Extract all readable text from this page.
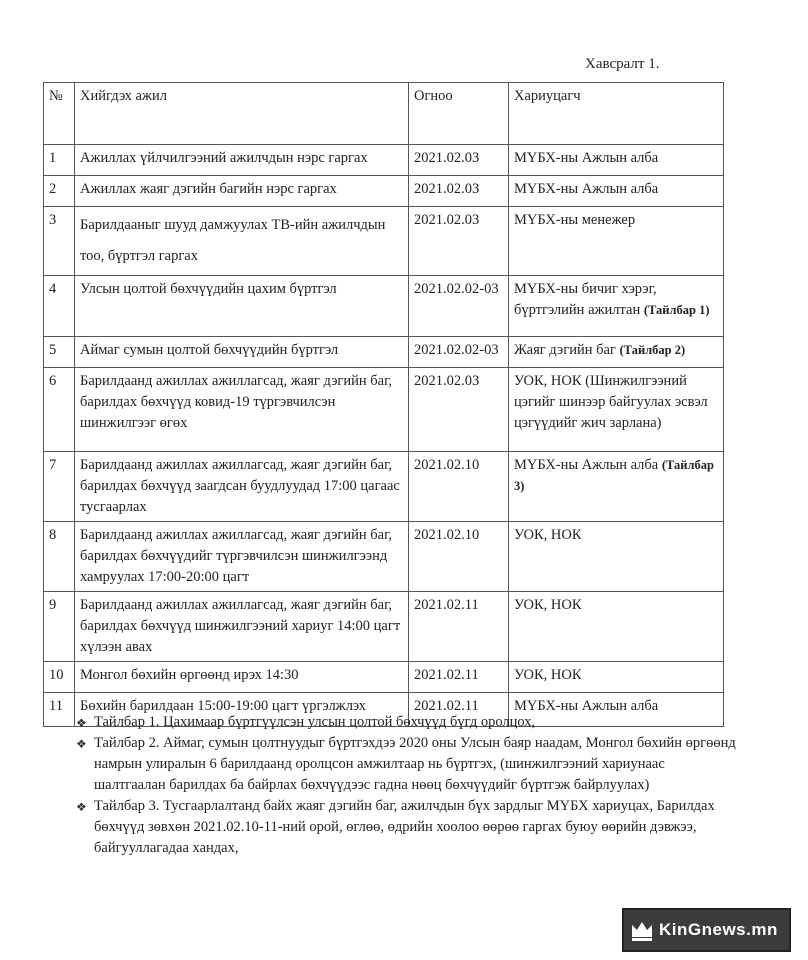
Хавсралт 1.
№	Хийгдэх ажил	Огноо	Хариуцагч
1	Ажиллах үйлчилгээний ажилчдын нэрс гаргах	2021.02.03	МҮБХ-ны Ажлын алба
2	Ажиллах жаяг дэгийн багийн нэрс гаргах	2021.02.03	МҮБХ-ны Ажлын алба
3	Барилдааныг шууд дамжуулах ТВ-ийн ажилчдын тоо, бүртгэл гаргах	2021.02.03	МҮБХ-ны менежер
4	Улсын цолтой бөхчүүдийн цахим бүртгэл	2021.02.02-03	МҮБХ-ны бичиг хэрэг, бүртгэлийн ажилтан (Тайлбар 1)
5	Аймаг сумын цолтой бөхчүүдийн бүртгэл	2021.02.02-03	Жаяг дэгийн баг (Тайлбар 2)
6	Барилдаанд ажиллах ажиллагсад, жаяг дэгийн баг, барилдах бөхчүүд ковид-19 түргэвчилсэн шинжилгээг өгөх	2021.02.03	УОК, НОК (Шинжилгээний цэгийг шинээр байгуулах эсвэл цэгүүдийг жич зарлана)
7	Барилдаанд ажиллах ажиллагсад, жаяг дэгийн баг, барилдах бөхчүүд заагдсан буудлуудад 17:00 цагаас тусгаарлах	2021.02.10	МҮБХ-ны Ажлын алба (Тайлбар 3)
8	Барилдаанд ажиллах ажиллагсад, жаяг дэгийн баг, барилдах бөхчүүдийг түргэвчилсэн шинжилгээнд хамруулах 17:00-20:00 цагт	2021.02.10	УОК, НОК
9	Барилдаанд ажиллах ажиллагсад, жаяг дэгийн баг, барилдах бөхчүүд шинжилгээний хариуг 14:00 цагт хүлээн авах	2021.02.11	УОК, НОК
10	Монгол бөхийн өргөөнд ирэх 14:30	2021.02.11	УОК, НОК
11	Бөхийн барилдаан 15:00-19:00 цагт үргэлжлэх	2021.02.11	МҮБХ-ны Ажлын алба
❖ Тайлбар 1. Цахимаар бүртгүүлсэн улсын цолтой бөхчүүд бүгд оролцох,
❖ Тайлбар 2. Аймаг, сумын цолтнуудыг бүртгэхдээ 2020 оны Улсын баяр наадам, Монгол бөхийн өргөөнд намрын улиралын 6 барилдаанд оролцсон амжилтаар нь бүртгэх, (шинжилгээний хариунаас шалтгаалан барилдах ба байрлах бөхчүүдээс гадна нөөц бөхчүүдийг бүртгэж байрлуулах)
❖ Тайлбар 3. Тусгаарлалтанд байх жаяг дэгийн баг, ажилчдын бүх зардлыг МҮБХ хариуцах, Барилдах бөхчүүд зөвхөн 2021.02.10-11-ний орой, өглөө, өдрийн хоолоо өөрөө гаргах буюу өөрийн дэвжээ, байгууллагадаа хандах,
KinGnews.mn
